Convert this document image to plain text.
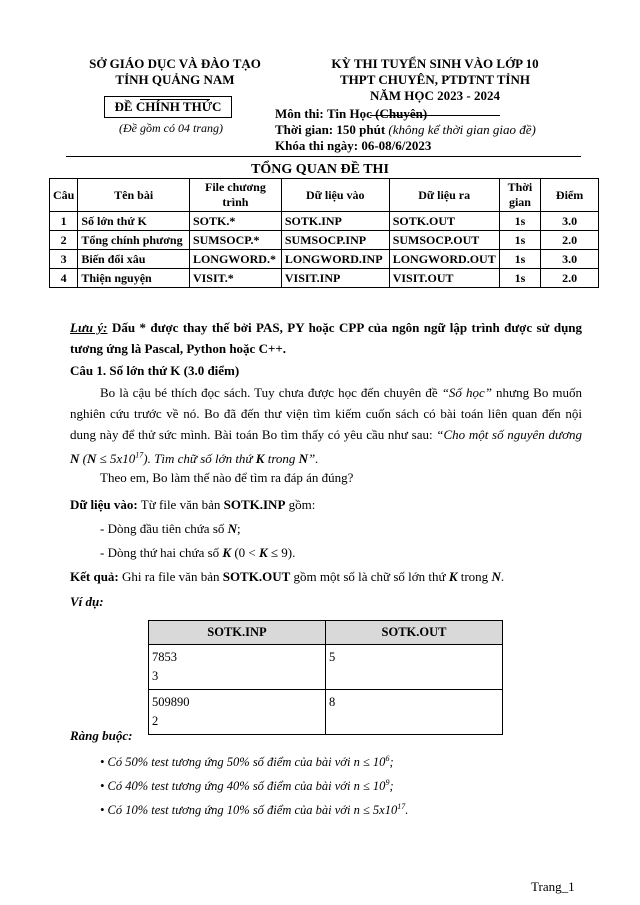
SỞ GIÁO DỤC VÀ ĐÀO TẠO
TỈNH QUẢNG NAM
ĐỀ CHÍNH THỨC
(Đề gồm có 04 trang)
KỲ THI TUYỂN SINH VÀO LỚP 10
THPT CHUYÊN, PTDTNT TỈNH
NĂM HỌC 2023 - 2024
Môn thi: Tin Học (Chuyên)
Thời gian: 150 phút (không kể thời gian giao đề)
Khóa thi ngày: 06-08/6/2023
TỔNG QUAN ĐỀ THI
Câu	Tên bài	File chương trình	Dữ liệu vào	Dữ liệu ra	Thời gian	Điểm
1	Số lớn thứ K	SOTK.*	SOTK.INP	SOTK.OUT	1s	3.0
2	Tổng chính phương	SUMSOCP.*	SUMSOCP.INP	SUMSOCP.OUT	1s	2.0
3	Biến đổi xâu	LONGWORD.*	LONGWORD.INP	LONGWORD.OUT	1s	3.0
4	Thiện nguyện	VISIT.*	VISIT.INP	VISIT.OUT	1s	2.0
Lưu ý: Dấu * được thay thế bởi PAS, PY hoặc CPP của ngôn ngữ lập trình được sử dụng tương ứng là Pascal, Python hoặc C++.
Câu 1. Số lớn thứ K (3.0 điểm)
Bo là cậu bé thích đọc sách. Tuy chưa được học đến chuyên đề “Số học” nhưng Bo muốn nghiên cứu trước về nó. Bo đã đến thư viện tìm kiếm cuốn sách có bài toán liên quan đến nội dung này để thử sức mình. Bài toán Bo tìm thấy có yêu cầu như sau: “Cho một số nguyên dương N $(N \le 5x10^{17})$. Tìm chữ số lớn thứ K trong N”.
Theo em, Bo làm thế nào để tìm ra đáp án đúng?
Dữ liệu vào: Từ file văn bản SOTK.INP gồm:
- Dòng đầu tiên chứa số N;
- Dòng thứ hai chứa số K (0 < K ≤ 9).
Kết quả: Ghi ra file văn bản SOTK.OUT gồm một số là chữ số lớn thứ K trong N.
Ví dụ:
SOTK.INP	SOTK.OUT

7853
3	5

509890
2	8
Ràng buộc:
• Có 50% test tương ứng 50% số điểm của bài với $n \le 10^6$;
• Có 40% test tương ứng 40% số điểm của bài với $n \le 10^9$;
• Có 10% test tương ứng 10% số điểm của bài với $n \le 5x10^{17}$.
Trang_1
